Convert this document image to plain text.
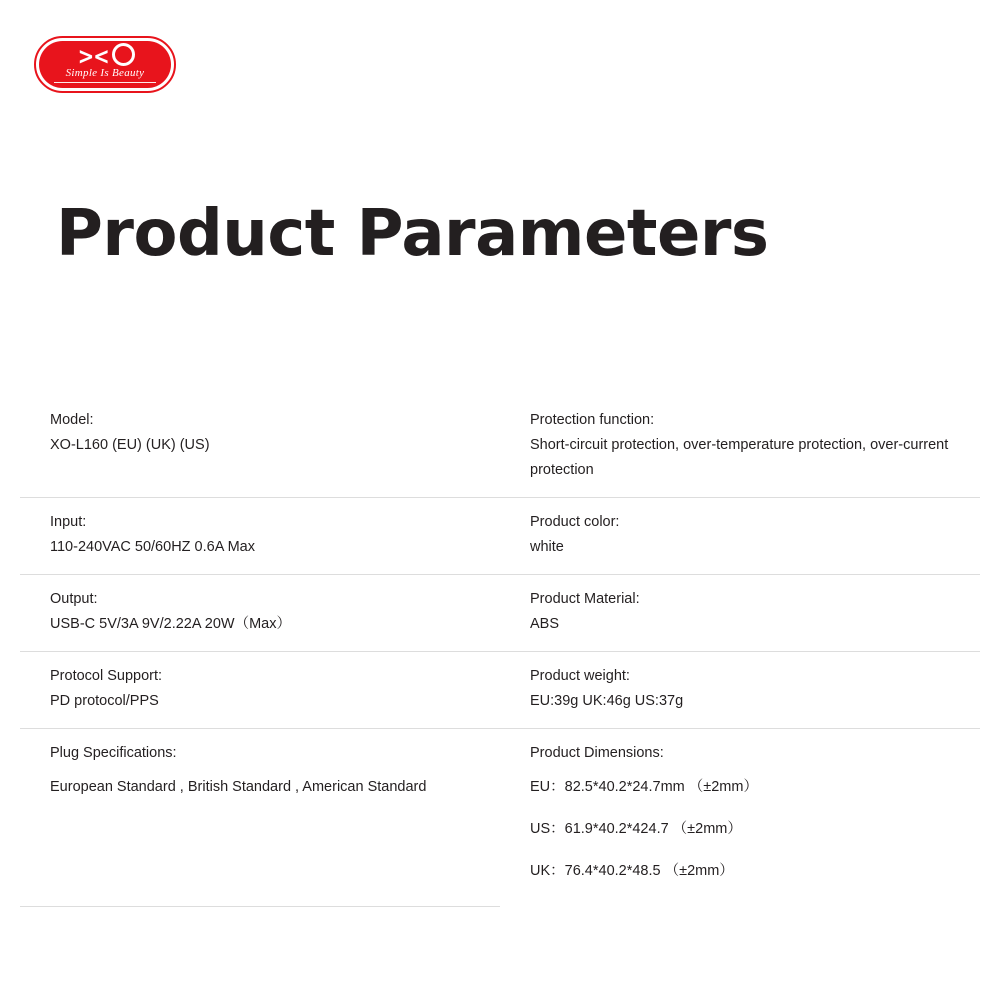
><
Simple Is Beauty
Product Parameters
Model:
XO-L160 (EU) (UK) (US)
Protection function:
Short-circuit protection, over-temperature protection, over-current protection
Input:
110-240VAC 50/60HZ 0.6A Max
Product color:
white
Output:
USB-C 5V/3A 9V/2.22A 20W（Max）
Product Material:
ABS
Protocol Support:
PD protocol/PPS
Product weight:
EU:39g UK:46g US:37g
Plug Specifications:
European Standard , British Standard , American Standard
Product Dimensions:
EU：82.5*40.2*24.7mm （±2mm）
US：61.9*40.2*424.7 （±2mm）
UK：76.4*40.2*48.5 （±2mm）
